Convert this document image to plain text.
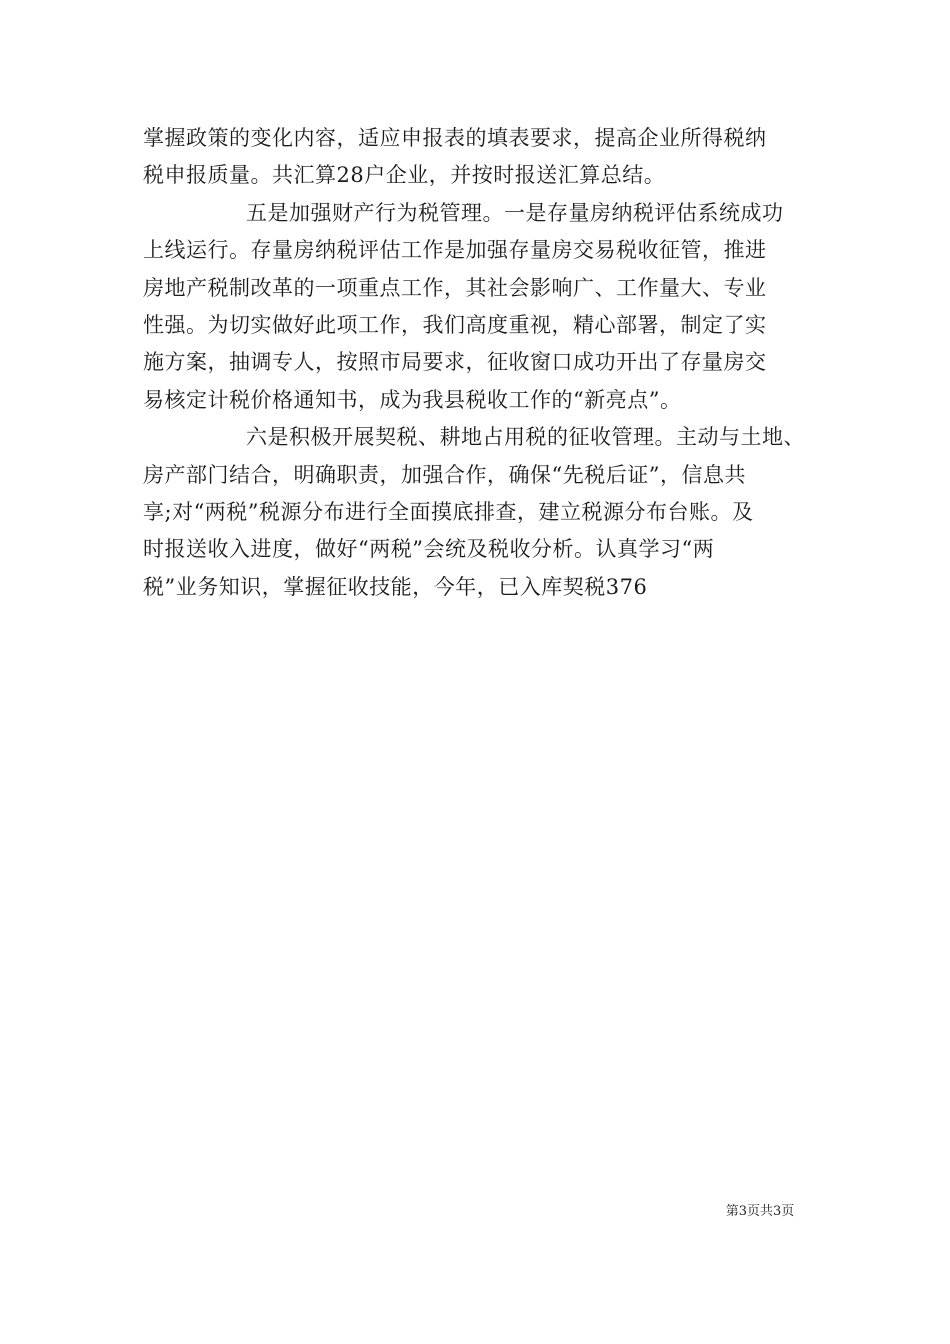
掌握政策的变化内容，适应申报表的填表要求，提高企业所得税纳
税申报质量。共汇算28户企业，并按时报送汇算总结。
五是加强财产行为税管理。一是存量房纳税评估系统成功
上线运行。存量房纳税评估工作是加强存量房交易税收征管，推进
房地产税制改革的一项重点工作，其社会影响广、工作量大、专业
性强。为切实做好此项工作，我们高度重视，精心部署，制定了实
施方案，抽调专人，按照市局要求，征收窗口成功开出了存量房交
易核定计税价格通知书，成为我县税收工作的“新亮点”。
六是积极开展契税、耕地占用税的征收管理。主动与土地、
房产部门结合，明确职责，加强合作，确保“先税后证”，信息共
享;对“两税”税源分布进行全面摸底排查，建立税源分布台账。及
时报送收入进度，做好“两税”会统及税收分析。认真学习“两
税”业务知识，掌握征收技能，今年，已入库契税376
第3页共3页
